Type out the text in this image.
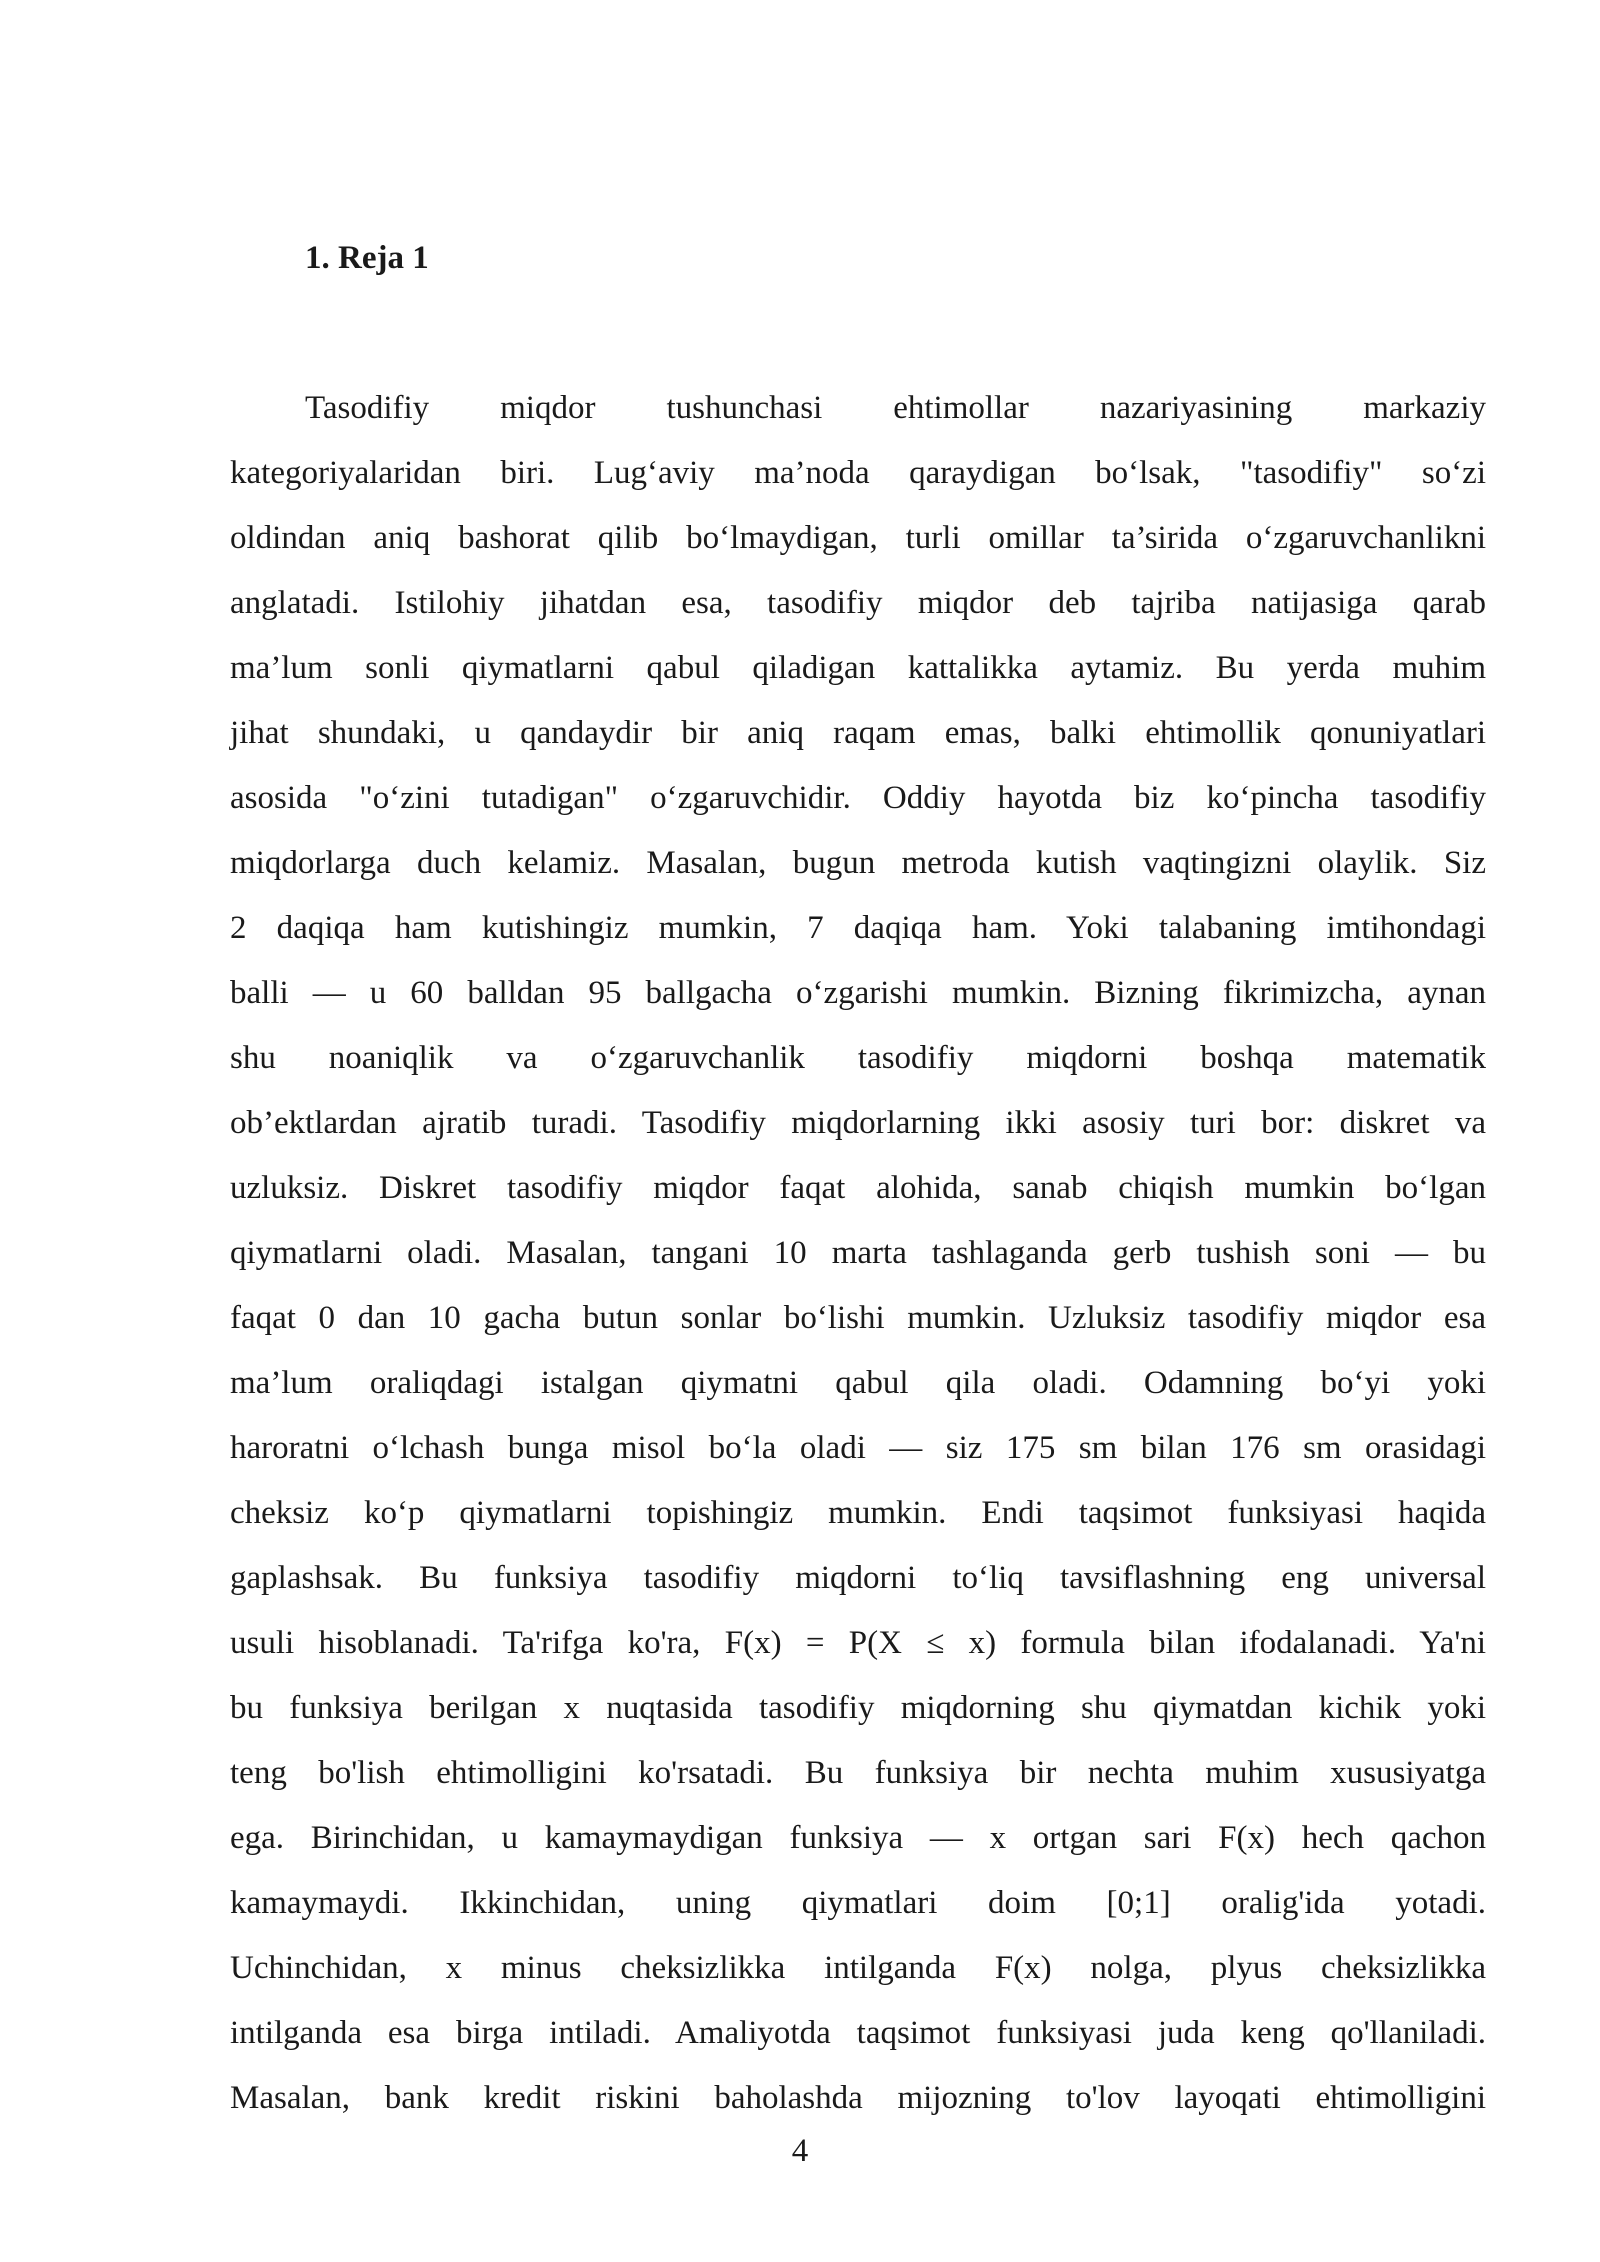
1. Reja 1
Tasodifiy miqdor tushunchasi ehtimollar nazariyasining markaziy
kategoriyalaridan biri. Lug‘aviy ma’noda qaraydigan bo‘lsak, "tasodifiy" so‘zi
oldindan aniq bashorat qilib bo‘lmaydigan, turli omillar ta’sirida o‘zgaruvchanlikni
anglatadi. Istilohiy jihatdan esa, tasodifiy miqdor deb tajriba natijasiga qarab
ma’lum sonli qiymatlarni qabul qiladigan kattalikka aytamiz. Bu yerda muhim
jihat shundaki, u qandaydir bir aniq raqam emas, balki ehtimollik qonuniyatlari
asosida "o‘zini tutadigan" o‘zgaruvchidir. Oddiy hayotda biz ko‘pincha tasodifiy
miqdorlarga duch kelamiz. Masalan, bugun metroda kutish vaqtingizni olaylik. Siz
2 daqiqa ham kutishingiz mumkin, 7 daqiqa ham. Yoki talabaning imtihondagi
balli — u 60 balldan 95 ballgacha o‘zgarishi mumkin. Bizning fikrimizcha, aynan
shu noaniqlik va o‘zgaruvchanlik tasodifiy miqdorni boshqa matematik
ob’ektlardan ajratib turadi. Tasodifiy miqdorlarning ikki asosiy turi bor: diskret va
uzluksiz. Diskret tasodifiy miqdor faqat alohida, sanab chiqish mumkin bo‘lgan
qiymatlarni oladi. Masalan, tangani 10 marta tashlaganda gerb tushish soni — bu
faqat 0 dan 10 gacha butun sonlar bo‘lishi mumkin. Uzluksiz tasodifiy miqdor esa
ma’lum oraliqdagi istalgan qiymatni qabul qila oladi. Odamning bo‘yi yoki
haroratni o‘lchash bunga misol bo‘la oladi — siz 175 sm bilan 176 sm orasidagi
cheksiz ko‘p qiymatlarni topishingiz mumkin. Endi taqsimot funksiyasi haqida
gaplashsak. Bu funksiya tasodifiy miqdorni to‘liq tavsiflashning eng universal
usuli hisoblanadi. Ta'rifga ko'ra, F(x) = P(X ≤ x) formula bilan ifodalanadi. Ya'ni
bu funksiya berilgan x nuqtasida tasodifiy miqdorning shu qiymatdan kichik yoki
teng bo'lish ehtimolligini ko'rsatadi. Bu funksiya bir nechta muhim xususiyatga
ega. Birinchidan, u kamaymaydigan funksiya — x ortgan sari F(x) hech qachon
kamaymaydi. Ikkinchidan, uning qiymatlari doim [0;1] oralig'ida yotadi.
Uchinchidan, x minus cheksizlikka intilganda F(x) nolga, plyus cheksizlikka
intilganda esa birga intiladi. Amaliyotda taqsimot funksiyasi juda keng qo'llaniladi.
Masalan, bank kredit riskini baholashda mijozning to'lov layoqati ehtimolligini

4
